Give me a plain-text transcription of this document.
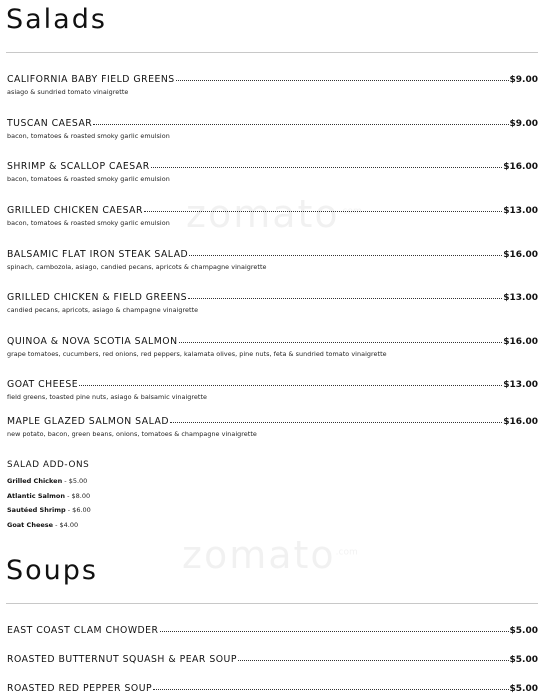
Salads
CALIFORNIA BABY FIELD GREENS	$9.00
asiago & sundried tomato vinaigrette
TUSCAN CAESAR	$9.00
bacon, tomatoes & roasted smoky garlic emulsion
SHRIMP & SCALLOP CAESAR	$16.00
bacon, tomatoes & roasted smoky garlic emulsion
GRILLED CHICKEN CAESAR	$13.00
bacon, tomatoes & roasted smoky garlic emulsion
BALSAMIC FLAT IRON STEAK SALAD	$16.00
spinach, cambozola, asiago, candied pecans, apricots & champagne vinaigrette
GRILLED CHICKEN & FIELD GREENS	$13.00
candied pecans, apricots, asiago & champagne vinaigrette
QUINOA & NOVA SCOTIA SALMON	$16.00
grape tomatoes, cucumbers, red onions, red peppers, kalamata olives, pine nuts, feta & sundried tomato vinaigrette
GOAT CHEESE	$13.00
field greens, toasted pine nuts, asiago & balsamic vinaigrette
MAPLE GLAZED SALMON SALAD	$16.00
new potato, bacon, green beans, onions, tomatoes & champagne vinaigrette
SALAD ADD-ONS
Grilled Chicken - $5.00
Atlantic Salmon - $8.00
Sautéed Shrimp - $6.00
Goat Cheese - $4.00
Soups
EAST COAST CLAM CHOWDER	$5.00
ROASTED BUTTERNUT SQUASH & PEAR SOUP	$5.00
ROASTED RED PEPPER SOUP	$5.00
zomato$^{.com}$
zomato$^{.com}$
